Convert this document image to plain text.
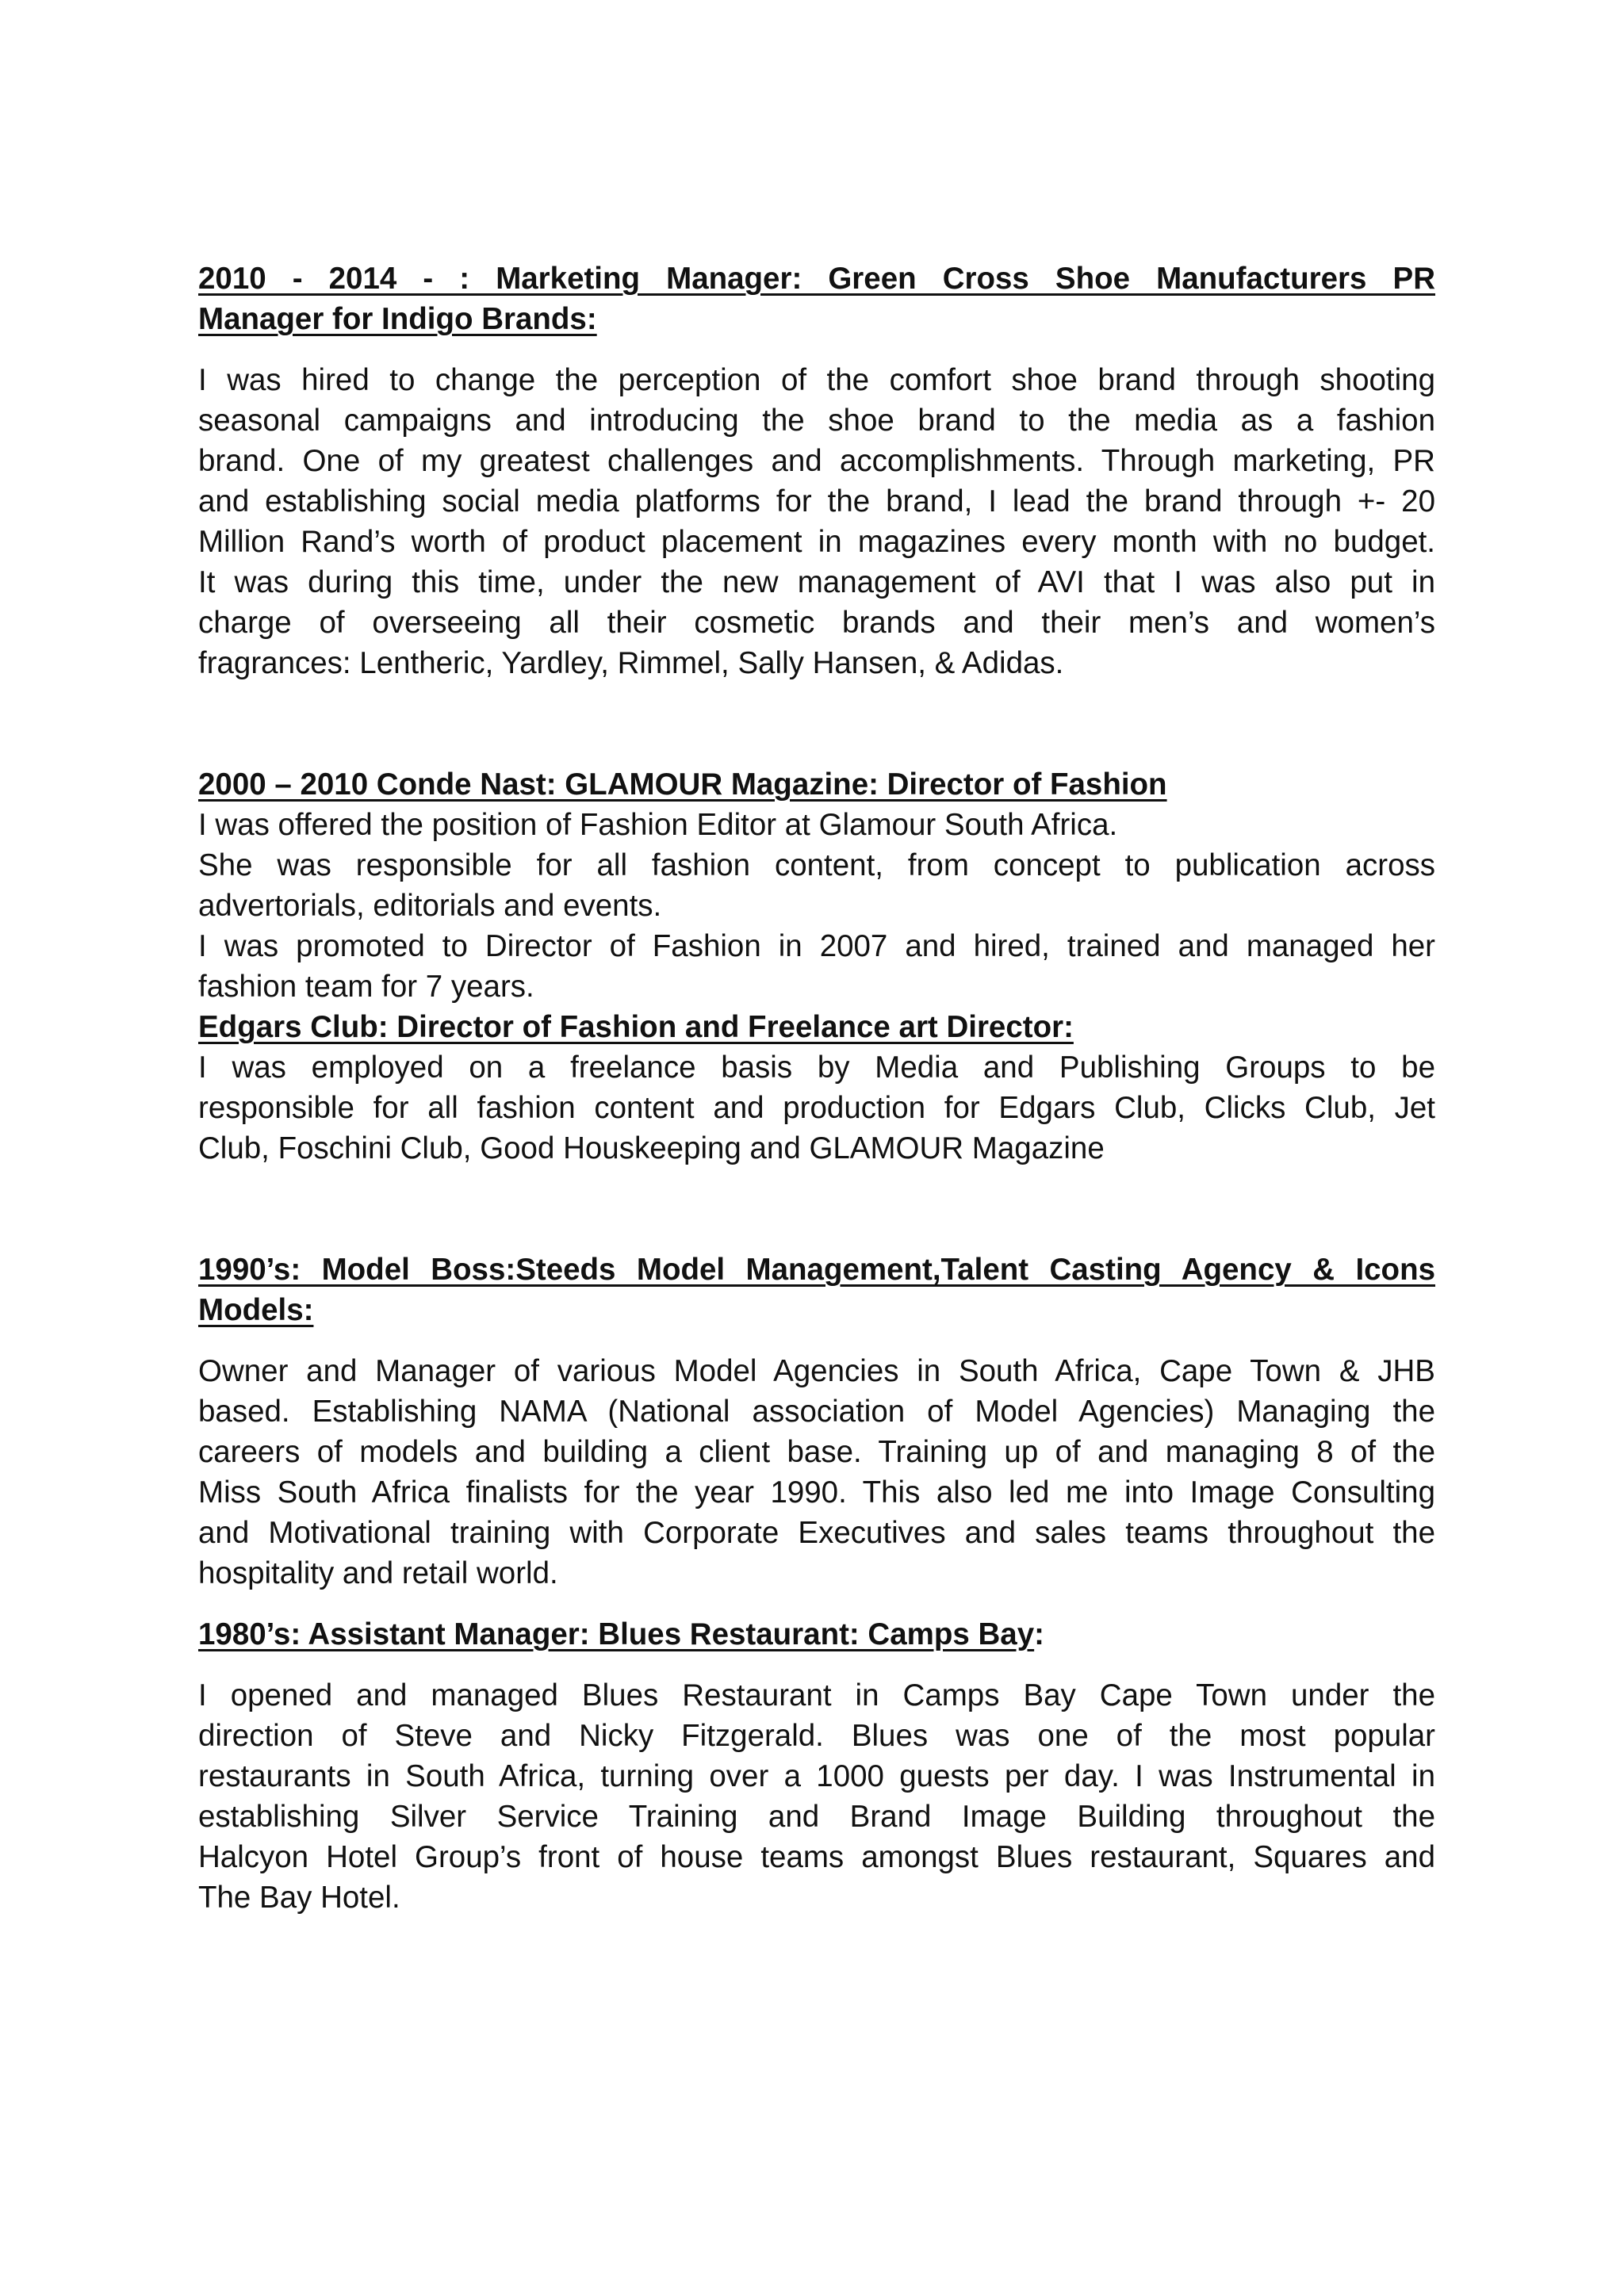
2010 - 2014 - : Marketing Manager: Green Cross Shoe Manufacturers PR

Manager for Indigo Brands:

I was hired to change the perception of the comfort shoe brand through shooting

seasonal campaigns and introducing the shoe brand to the media as a fashion

brand. One of my greatest challenges and accomplishments. Through marketing, PR

and establishing social media platforms for the brand, I lead the brand through +- 20

Million Rand’s worth of product placement in magazines every month with no budget.

It was during this time, under the new management of AVI that I was also put in

charge of overseeing all their cosmetic brands and their men’s and women’s

fragrances: Lentheric, Yardley, Rimmel, Sally Hansen, & Adidas.

2000 – 2010 Conde Nast: GLAMOUR Magazine: Director of Fashion

I was offered the position of Fashion Editor at Glamour South Africa.

She was responsible for all fashion content, from concept to publication across

advertorials, editorials and events.

I was promoted to Director of Fashion in 2007 and hired, trained and managed her

fashion team for 7 years.

Edgars Club: Director of Fashion and Freelance art Director:

I was employed on a freelance basis by Media and Publishing Groups to be

responsible for all fashion content and production for Edgars Club, Clicks Club, Jet

Club, Foschini Club, Good Houskeeping and GLAMOUR Magazine

1990’s: Model Boss:Steeds Model Management,Talent Casting Agency & Icons

Models:

Owner and Manager of various Model Agencies in South Africa, Cape Town & JHB

based. Establishing NAMA (National association of Model Agencies) Managing the

careers of models and building a client base. Training up of and managing 8 of the

Miss South Africa finalists for the year 1990. This also led me into Image Consulting

and Motivational training with Corporate Executives and sales teams throughout the

hospitality and retail world.

1980’s: Assistant Manager: Blues Restaurant: Camps Bay:

I opened and managed Blues Restaurant in Camps Bay Cape Town under the

direction of Steve and Nicky Fitzgerald. Blues was one of the most popular

restaurants in South Africa, turning over a 1000 guests per day. I was Instrumental in

establishing Silver Service Training and Brand Image Building throughout the

Halcyon Hotel Group’s front of house teams amongst Blues restaurant, Squares and

The Bay Hotel.
